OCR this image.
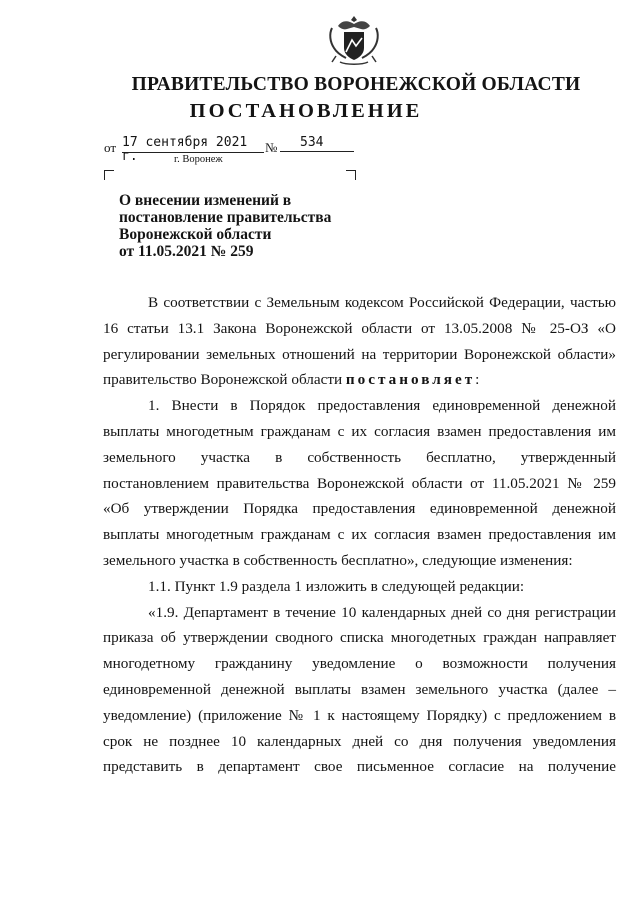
ПРАВИТЕЛЬСТВО ВОРОНЕЖСКОЙ ОБЛАСТИ
ПОСТАНОВЛЕНИЕ
от 17 сентября 2021 г.
№	534
г. Воронеж
О внесении изменений в
постановление правительства
Воронежской области
от 11.05.2021 № 259
В соответствии с Земельным кодексом Российской Федерации, частью
16 статьи 13.1 Закона Воронежской области от 13.05.2008 № 25-ОЗ «О
регулировании земельных отношений на территории Воронежской области»
правительство Воронежской области постановляет:
1. Внести в Порядок предоставления единовременной денежной
выплаты многодетным гражданам с их согласия взамен предоставления им
земельного участка в собственность бесплатно, утвержденный
постановлением правительства Воронежской области от 11.05.2021 № 259
«Об утверждении Порядка предоставления единовременной денежной
выплаты многодетным гражданам с их согласия взамен предоставления им
земельного участка в собственность бесплатно», следующие изменения:
1.1. Пункт 1.9 раздела 1 изложить в следующей редакции:
«1.9. Департамент в течение 10 календарных дней со дня регистрации
приказа об утверждении сводного списка многодетных граждан направляет
многодетному гражданину уведомление о возможности получения
единовременной денежной выплаты взамен земельного участка (далее –
уведомление) (приложение № 1 к настоящему Порядку) с предложением в
срок не позднее 10 календарных дней со дня получения уведомления
представить в департамент свое письменное согласие на получение
